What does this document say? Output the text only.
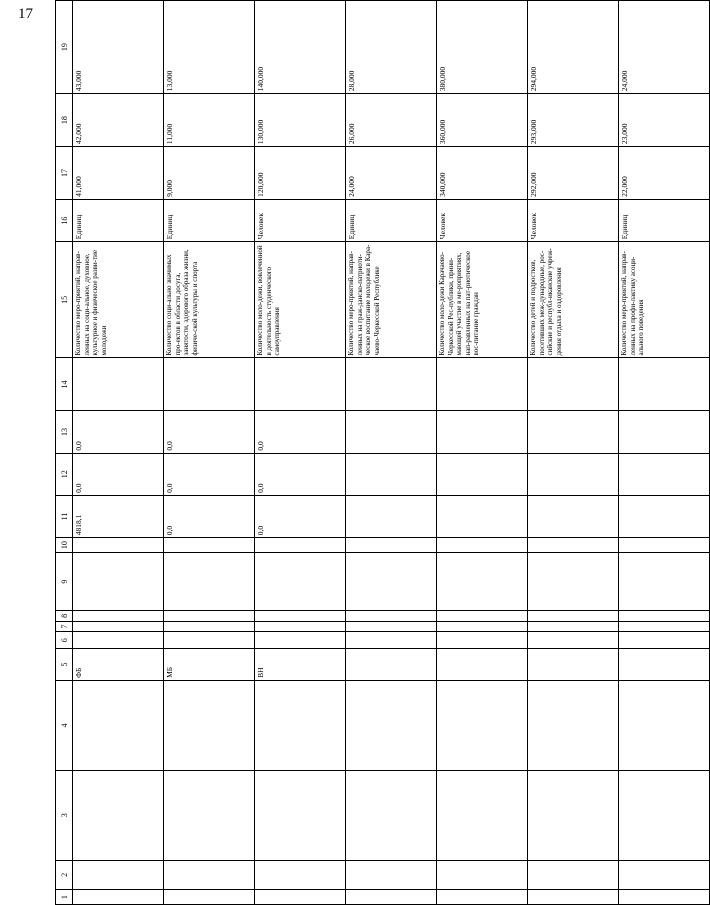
17
1	2	3	4	5	6	7	8	9	10	11	12	13	14	15	16	17	18	19
				ФБ						4818,1	0,0	0,0		Количество меро-приятий, направ-ленных на соци-альное, духовное, культурное и физическое разви-тие молодежи	Единиц	41,000	42,000	43,000
				МБ						0,0	0,0	0,0		Количество соци-ально значимых про-ектов в области досуга, занятости, здорового образа жизни, физиче-ской культуры и спорта	Единиц	9,000	11,000	13,000
				ВН						0,0	0,0	0,0		Количество моло-дежи, вовлеченной в деятельность студенческого самоуправления	Человек	120,000	130,000	140,000
														Количество меро-приятий, направ-ленных на граж-данско-патриоти-ческое воспитание молодежи в Кара-чаево-Черкесской Республике	Единиц	24,000	26,000	28,000
														Количество моло-дежи Карачаево-Черкесской Рес-публики, прини-мающей участие в ме-роприятиях, нап-равленных на пат-риотическое вос-питание граждан	Человек	340,000	360,000	380,000
														Количество детей и подростков, посетивших меж-дународные, рос-сийские и республ-иканские учреж-дения отдыха и оздоровления	Человек	292,000	293,000	294,000
														Количество меро-приятий, направ-ленных на профи-лактику асоци-ального поведения	Единиц	22,000	23,000	24,000
